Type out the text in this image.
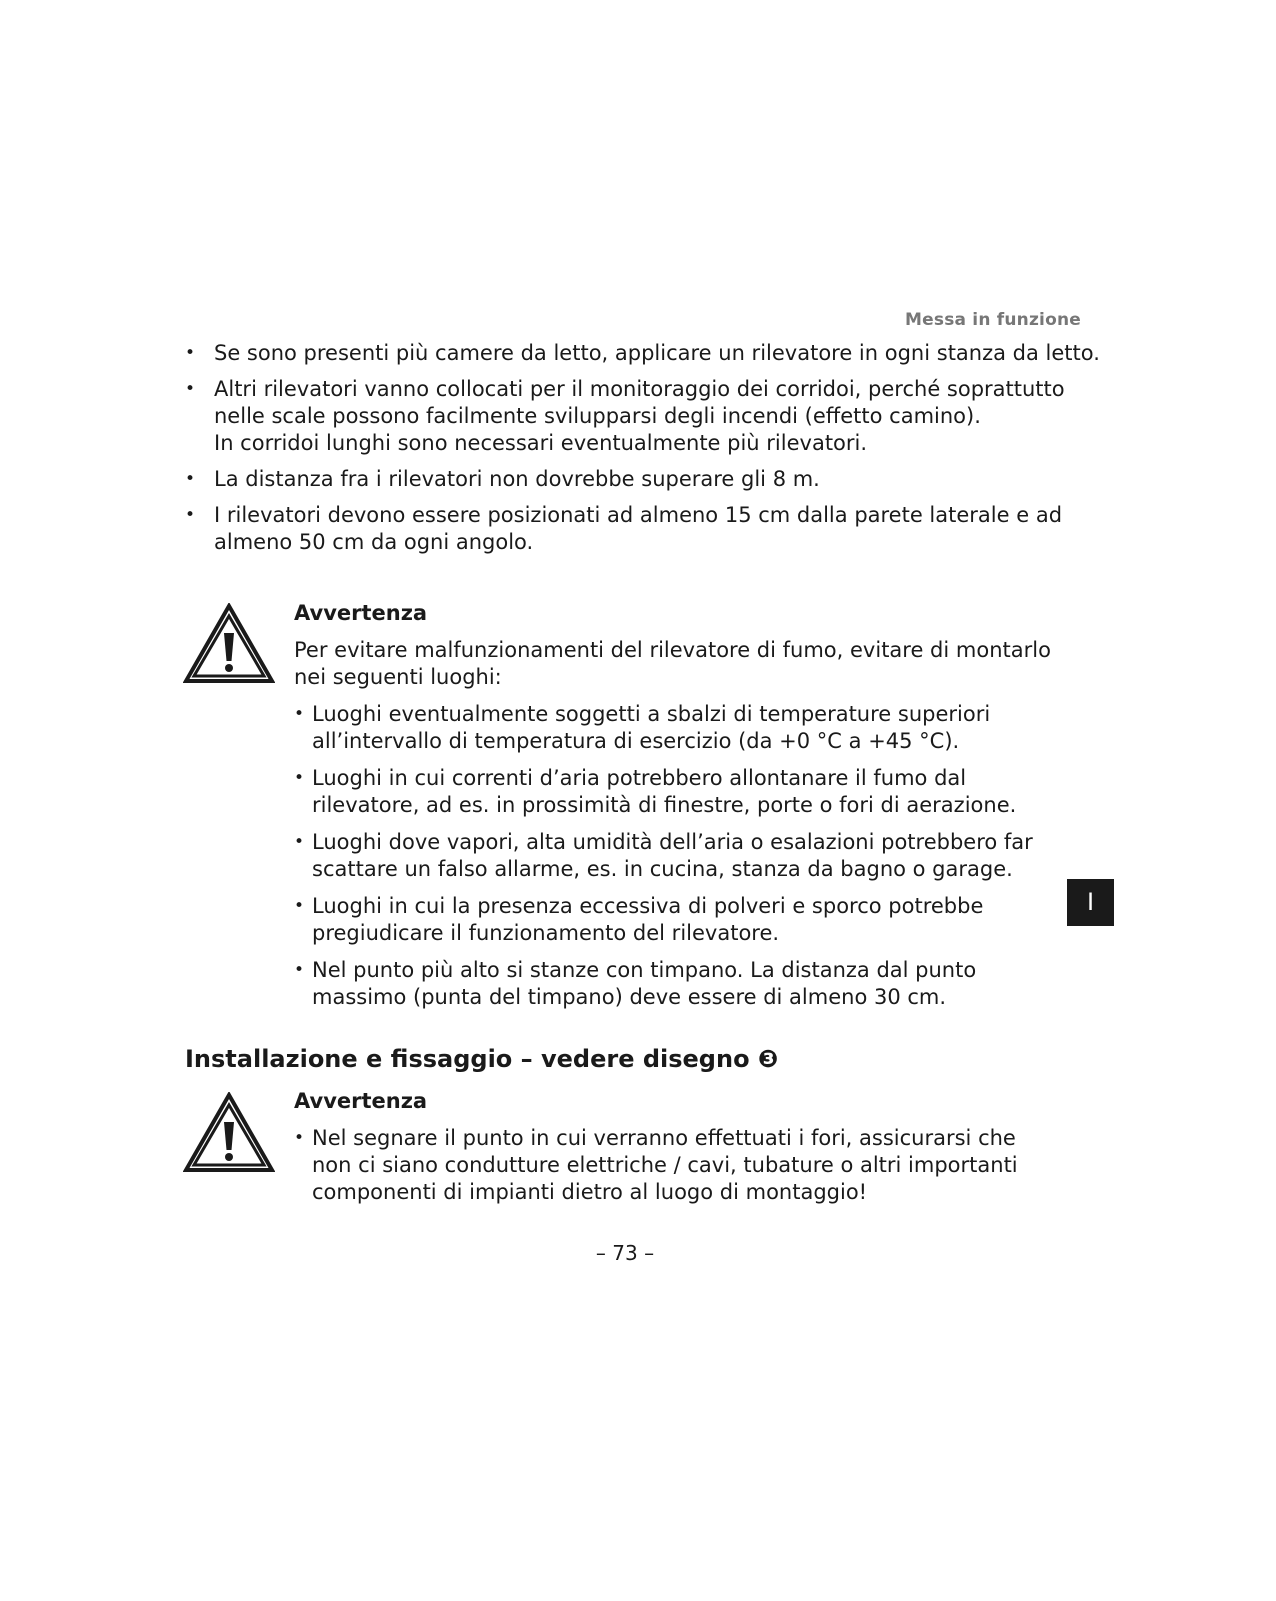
Messa in funzione
• Se sono presenti più camere da letto, applicare un rilevatore in ogni stanza da letto.
• Altri rilevatori vanno collocati per il monitoraggio dei corridoi, perché soprattutto
nelle scale possono facilmente svilupparsi degli incendi (effetto camino).
In corridoi lunghi sono necessari eventualmente più rilevatori.
• La distanza fra i rilevatori non dovrebbe superare gli 8 m.
• I rilevatori devono essere posizionati ad almeno 15 cm dalla parete laterale e ad
almeno 50 cm da ogni angolo.

Avvertenza

Per evitare malfunzionamenti del rilevatore di fumo, evitare di montarlo
nei seguenti luoghi:

• Luoghi eventualmente soggetti a sbalzi di temperature superiori
all’intervallo di temperatura di esercizio (da +0 °C a +45 °C).
• Luoghi in cui correnti d’aria potrebbero allontanare il fumo dal
rilevatore, ad es. in prossimità di finestre, porte o fori di aerazione.
• Luoghi dove vapori, alta umidità dell’aria o esalazioni potrebbero far
scattare un falso allarme, es. in cucina, stanza da bagno o garage.
• Luoghi in cui la presenza eccessiva di polveri e sporco potrebbe
pregiudicare il funzionamento del rilevatore.
• Nel punto più alto si stanze con timpano. La distanza dal punto
massimo (punta del timpano) deve essere di almeno 30 cm.
I
Installazione e fissaggio – vedere disegno ❸

Avvertenza

• Nel segnare il punto in cui verranno effettuati i fori, assicurarsi che
non ci siano condutture elettriche / cavi, tubature o altri importanti
componenti di impianti dietro al luogo di montaggio!
– 73 –
